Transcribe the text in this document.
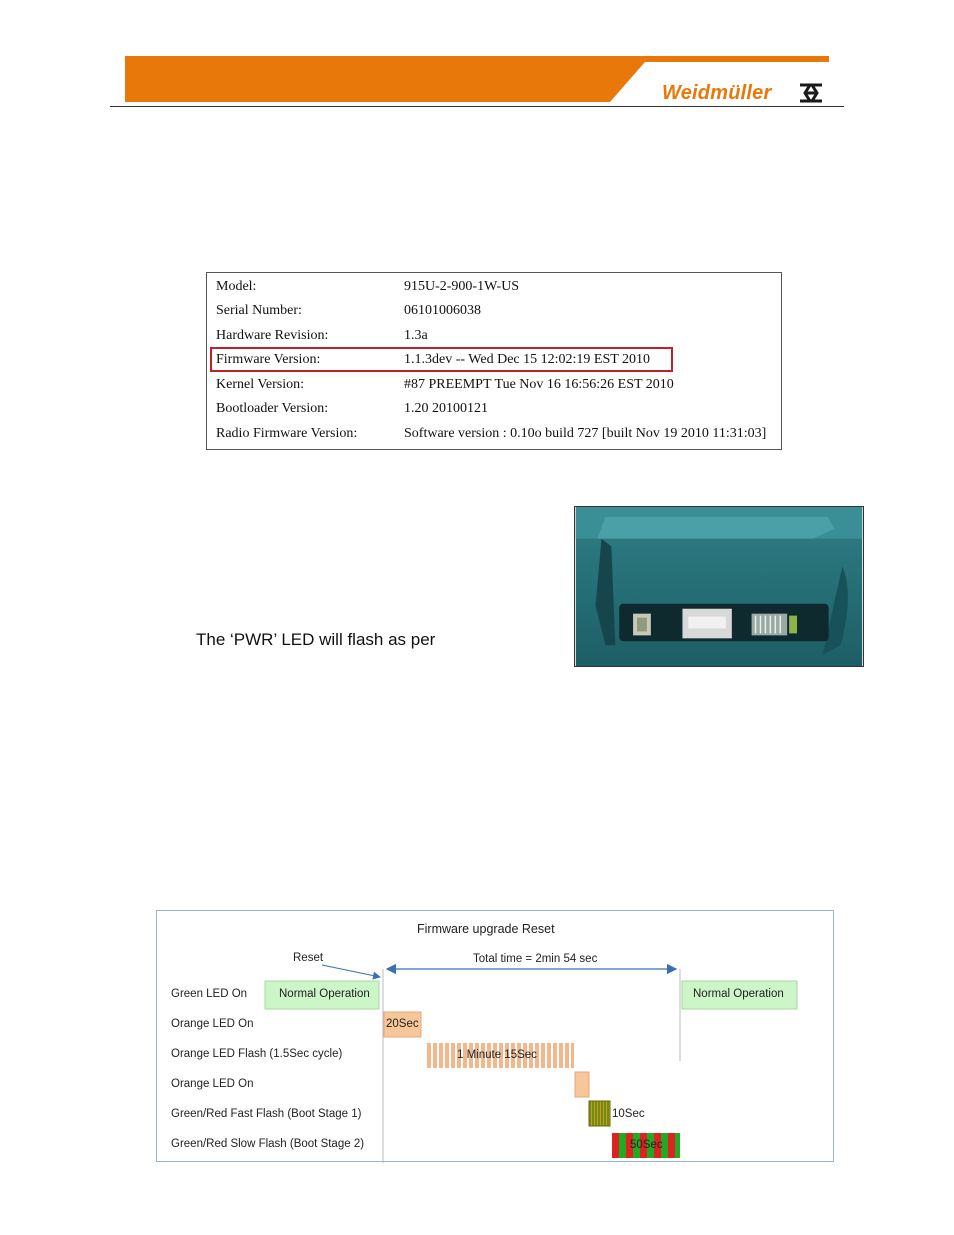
Weidmüller
Model:	915U-2-900-1W-US
Serial Number:	06101006038
Hardware Revision:	1.3a
Firmware Version:	1.1.3dev -- Wed Dec 15 12:02:19 EST 2010
Kernel Version:	#87 PREEMPT Tue Nov 16 16:56:26 EST 2010
Bootloader Version:	1.20 20100121
Radio Firmware Version:	Software version : 0.10o build 727 [built Nov 19 2010 11:31:03]
The ‘PWR’ LED will flash as per
Firmware upgrade Reset
Reset	Total time = 2min 54 sec
Green LED On
Orange LED On
Orange LED Flash (1.5Sec cycle)
Orange LED On
Green/Red Fast Flash (Boot Stage 1)
Green/Red Slow Flash (Boot Stage 2)
Normal Operation	Normal Operation
20Sec
1 Minute 15Sec
10Sec
50Sec
